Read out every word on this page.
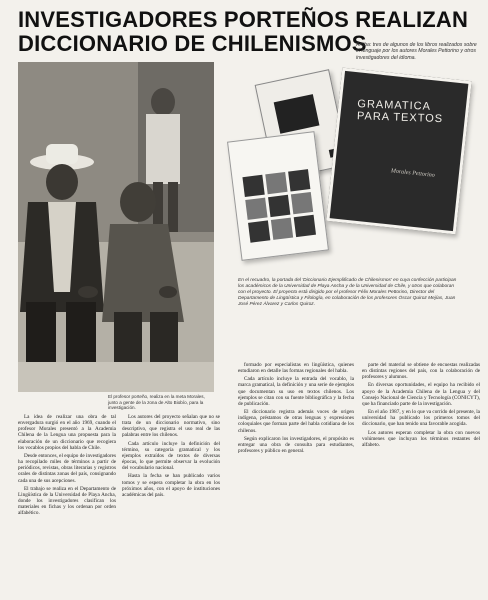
INVESTIGADORES PORTEÑOS REALIZAN
DICCIONARIO DE CHILENISMOS
Arriba: tres de algunos de los libros realizados sobre el lenguaje por los autores Morales Pettorino y otros investigadores del idioma.
El profesor porteño, realiza en la meta Morales, junto a gente de la zona de Alto Biobío, para la investigación.
GRAMATICA PARA TEXTOS
Morales Pettorino
En el recuadro, la portada del 'Diccionario Ejemplificado de Chilenismos' en cuya confección participan los académicos de la Universidad de Playa Ancha y de la Universidad de Chile, y otros que colaboran con el proyecto. El proyecto está dirigido por el profesor Félix Morales Pettorino, Director del Departamento de Lingüística y Filología, en colaboración de los profesores Óscar Quiroz Mejías, Juan José Pérez Álvarez y Carlos Quiroz.

La idea de realizar una obra de tal envergadura surgió en el año 1969, cuando el profesor Morales presentó a la Academia Chilena de la Lengua una propuesta para la elaboración de un diccionario que recogiera los vocablos propios del habla de Chile.

Desde entonces, el equipo de investigadores ha recopilado miles de términos a partir de periódicos, revistas, obras literarias y registros orales de distintas zonas del país, consignando cada una de sus acepciones.

El trabajo se realiza en el Departamento de Lingüística de la Universidad de Playa Ancha, donde los investigadores clasifican los materiales en fichas y los ordenan por orden alfabético.

Los autores del proyecto señalan que no se trata de un diccionario normativo, sino descriptivo, que registra el uso real de las palabras entre los chilenos.

Cada artículo incluye la definición del término, su categoría gramatical y los ejemplos extraídos de textos de diversas épocas, lo que permite observar la evolución del vocabulario nacional.

Hasta la fecha se han publicado varios tomos y se espera completar la obra en los próximos años, con el apoyo de instituciones académicas del país.

formado por especialistas en lingüística, quienes estudiaron en detalle las formas regionales del habla.

Cada artículo incluye la entrada del vocablo, la marca gramatical, la definición y una serie de ejemplos que documentan su uso en textos chilenos. Los ejemplos se citan con su fuente bibliográfica y la fecha de publicación.

El diccionario registra además voces de origen indígena, préstamos de otras lenguas y expresiones coloquiales que forman parte del habla cotidiana de los chilenos.

Según explicaron los investigadores, el propósito es entregar una obra de consulta para estudiantes, profesores y público en general.

parte del material se obtiene de encuestas realizadas en distintas regiones del país, con la colaboración de profesores y alumnos.

En diversas oportunidades, el equipo ha recibido el apoyo de la Academia Chilena de la Lengua y del Consejo Nacional de Ciencia y Tecnología (CONICYT), que ha financiado parte de la investigación.

En el año 1987, y en lo que va corrido del presente, la universidad ha publicado los primeros tomos del diccionario, que han tenido una favorable acogida.

Los autores esperan completar la obra con nuevos volúmenes que incluyan los términos restantes del alfabeto.
